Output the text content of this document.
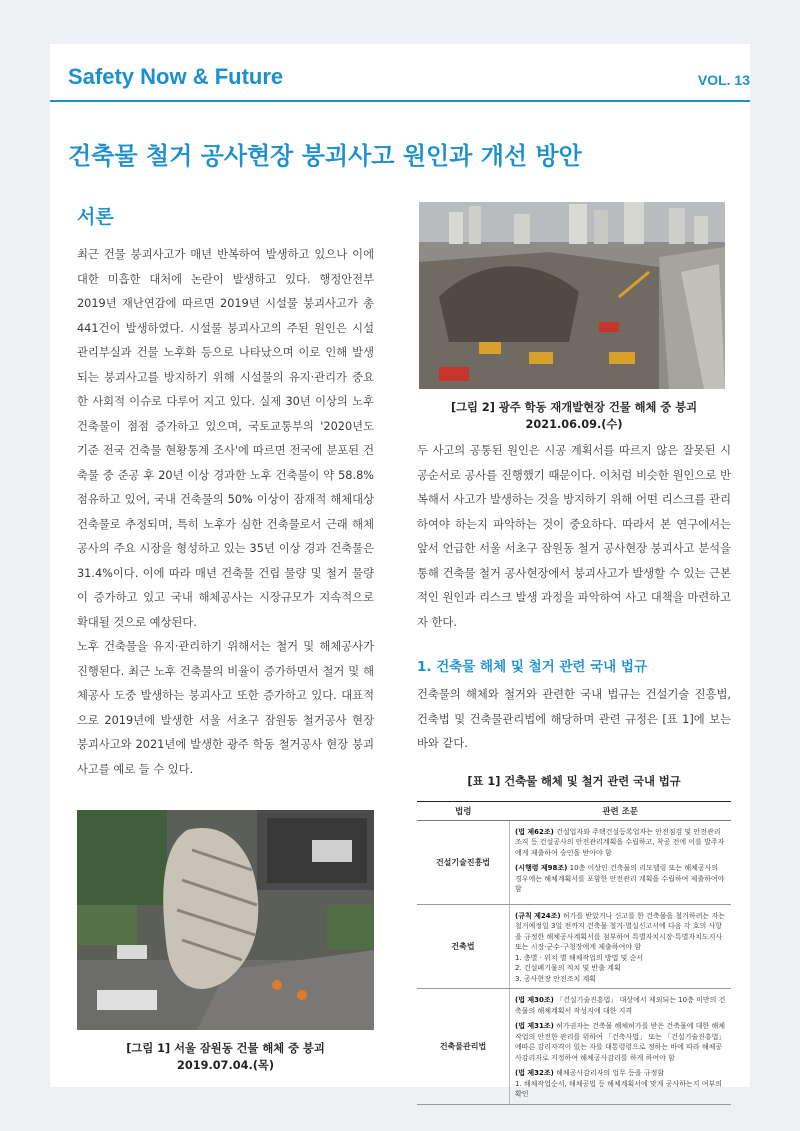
Safety Now & Future	VOL. 13
건축물 철거 공사현장 붕괴사고 원인과 개선 방안
서론

최근 건물 붕괴사고가 매년 반복하여 발생하고 있으나 이에 대한 미흡한 대처에 논란이 발생하고 있다. 행정안전부 2019년 재난연감에 따르면 2019년 시설물 붕괴사고가 총 441건이 발생하였다. 시설물 붕괴사고의 주된 원인은 시설관리부실과 건물 노후화 등으로 나타났으며 이로 인해 발생되는 붕괴사고를 방지하기 위해 시설물의 유지·관리가 중요한 사회적 이슈로 다루어 지고 있다. 실제 30년 이상의 노후 건축물이 점점 증가하고 있으며, 국토교통부의 '2020년도 기준 전국 건축물 현황통계 조사'에 따르면 전국에 분포된 건축물 중 준공 후 20년 이상 경과한 노후 건축물이 약 58.8% 점유하고 있어, 국내 건축물의 50% 이상이 잠재적 해체대상 건축물로 추정되며, 특히 노후가 심한 건축물로서 근래 해체공사의 주요 시장을 형성하고 있는 35년 이상 경과 건축물은 31.4%이다. 이에 따라 매년 건축물 건립 물량 및 철거 물량이 증가하고 있고 국내 해체공사는 시장규모가 지속적으로 확대될 것으로 예상된다.

노후 건축물을 유지·관리하기 위해서는 철거 및 해체공사가 진행된다. 최근 노후 건축물의 비율이 증가하면서 철거 및 해체공사 도중 발생하는 붕괴사고 또한 증가하고 있다. 대표적으로 2019년에 발생한 서울 서초구 잠원동 철거공사 현장 붕괴사고와 2021년에 발생한 광주 학동 철거공사 현장 붕괴사고를 예로 들 수 있다.

[그림 1] 서울 잠원동 건물 해체 중 붕괴
2019.07.04.(목)
[그림 2] 광주 학동 재개발현장 건물 해체 중 붕괴
2021.06.09.(수)

두 사고의 공통된 원인은 시공 계획서를 따르지 않은 잘못된 시공순서로 공사를 진행했기 때문이다. 이처럼 비슷한 원인으로 반복해서 사고가 발생하는 것을 방지하기 위해 어떤 리스크를 관리하여야 하는지 파악하는 것이 중요하다. 따라서 본 연구에서는 앞서 언급한 서울 서초구 잠원동 철거 공사현장 붕괴사고 분석을 통해 건축물 철거 공사현장에서 붕괴사고가 발생할 수 있는 근본적인 원인과 리스크 발생 과정을 파악하여 사고 대책을 마련하고자 한다.

1. 건축물 해체 및 철거 관련 국내 법규

건축물의 해체와 철거와 관련한 국내 법규는 건설기술 진흥법, 건축법 및 건축물관리법에 해당하며 관련 규정은 [표 1]에 보는 바와 같다.

[표 1] 건축물 해체 및 철거 관련 국내 법규
법령	관련 조문
건설기술진흥법	(법 제62조) 건설업자와 주택건설등록업자는 안전점검 및 안전관리 조직 등 건설공사의 안전관리계획을 수립하고, 착공 전에 이를 발주자에게 제출하여 승인을 받아야 함
(시행령 제98조) 10층 이상인 건축물의 리모델링 또는 해체공사의 경우에는 해체계획서를 포함한 안전관리 계획을 수립하여 제출하여야 함

건축법	(규칙 제24조) 허가를 받았거나 신고를 한 건축물을 철거하려는 자는 철거예정일 3일 전까지 건축물 철거·멸실신고서에 다음 각 호의 사항을 규정한 해체공사계획서를 첨부하여 특별자치시장·특별자치도지사 또는 시장·군수·구청장에게 제출하여야 함
1. 층별 · 위치 별 해체작업의 방법 및 순서
2. 건설폐기물의 적치 및 반출 계획
3. 공사현장 안전조치 계획

건축물관리법	(법 제30조) 「건설기술진흥법」 대상에서 제외되는 10층 미만의 건축물의 해체계획서 작성지에 대한 지격
(법 제31조) 허가권자는 건축물 해체허가를 받은 건축물에 대한 해체작업의 안전한 관리를 위하여 「건축사법」 또는 「건설기술진흥법」 에따른 감리자격이 있는 자를 대통령령으로 정하는 바에 따라 해체공사감리자로 지정하여 해체공사감리를 하게 하여야 함
(법 제32조) 해체공사감리자의 업무 등을 규정함
1. 해체작업순서, 해체공법 등 해체계획서에 맞게 공사하는지 여부의 확인
